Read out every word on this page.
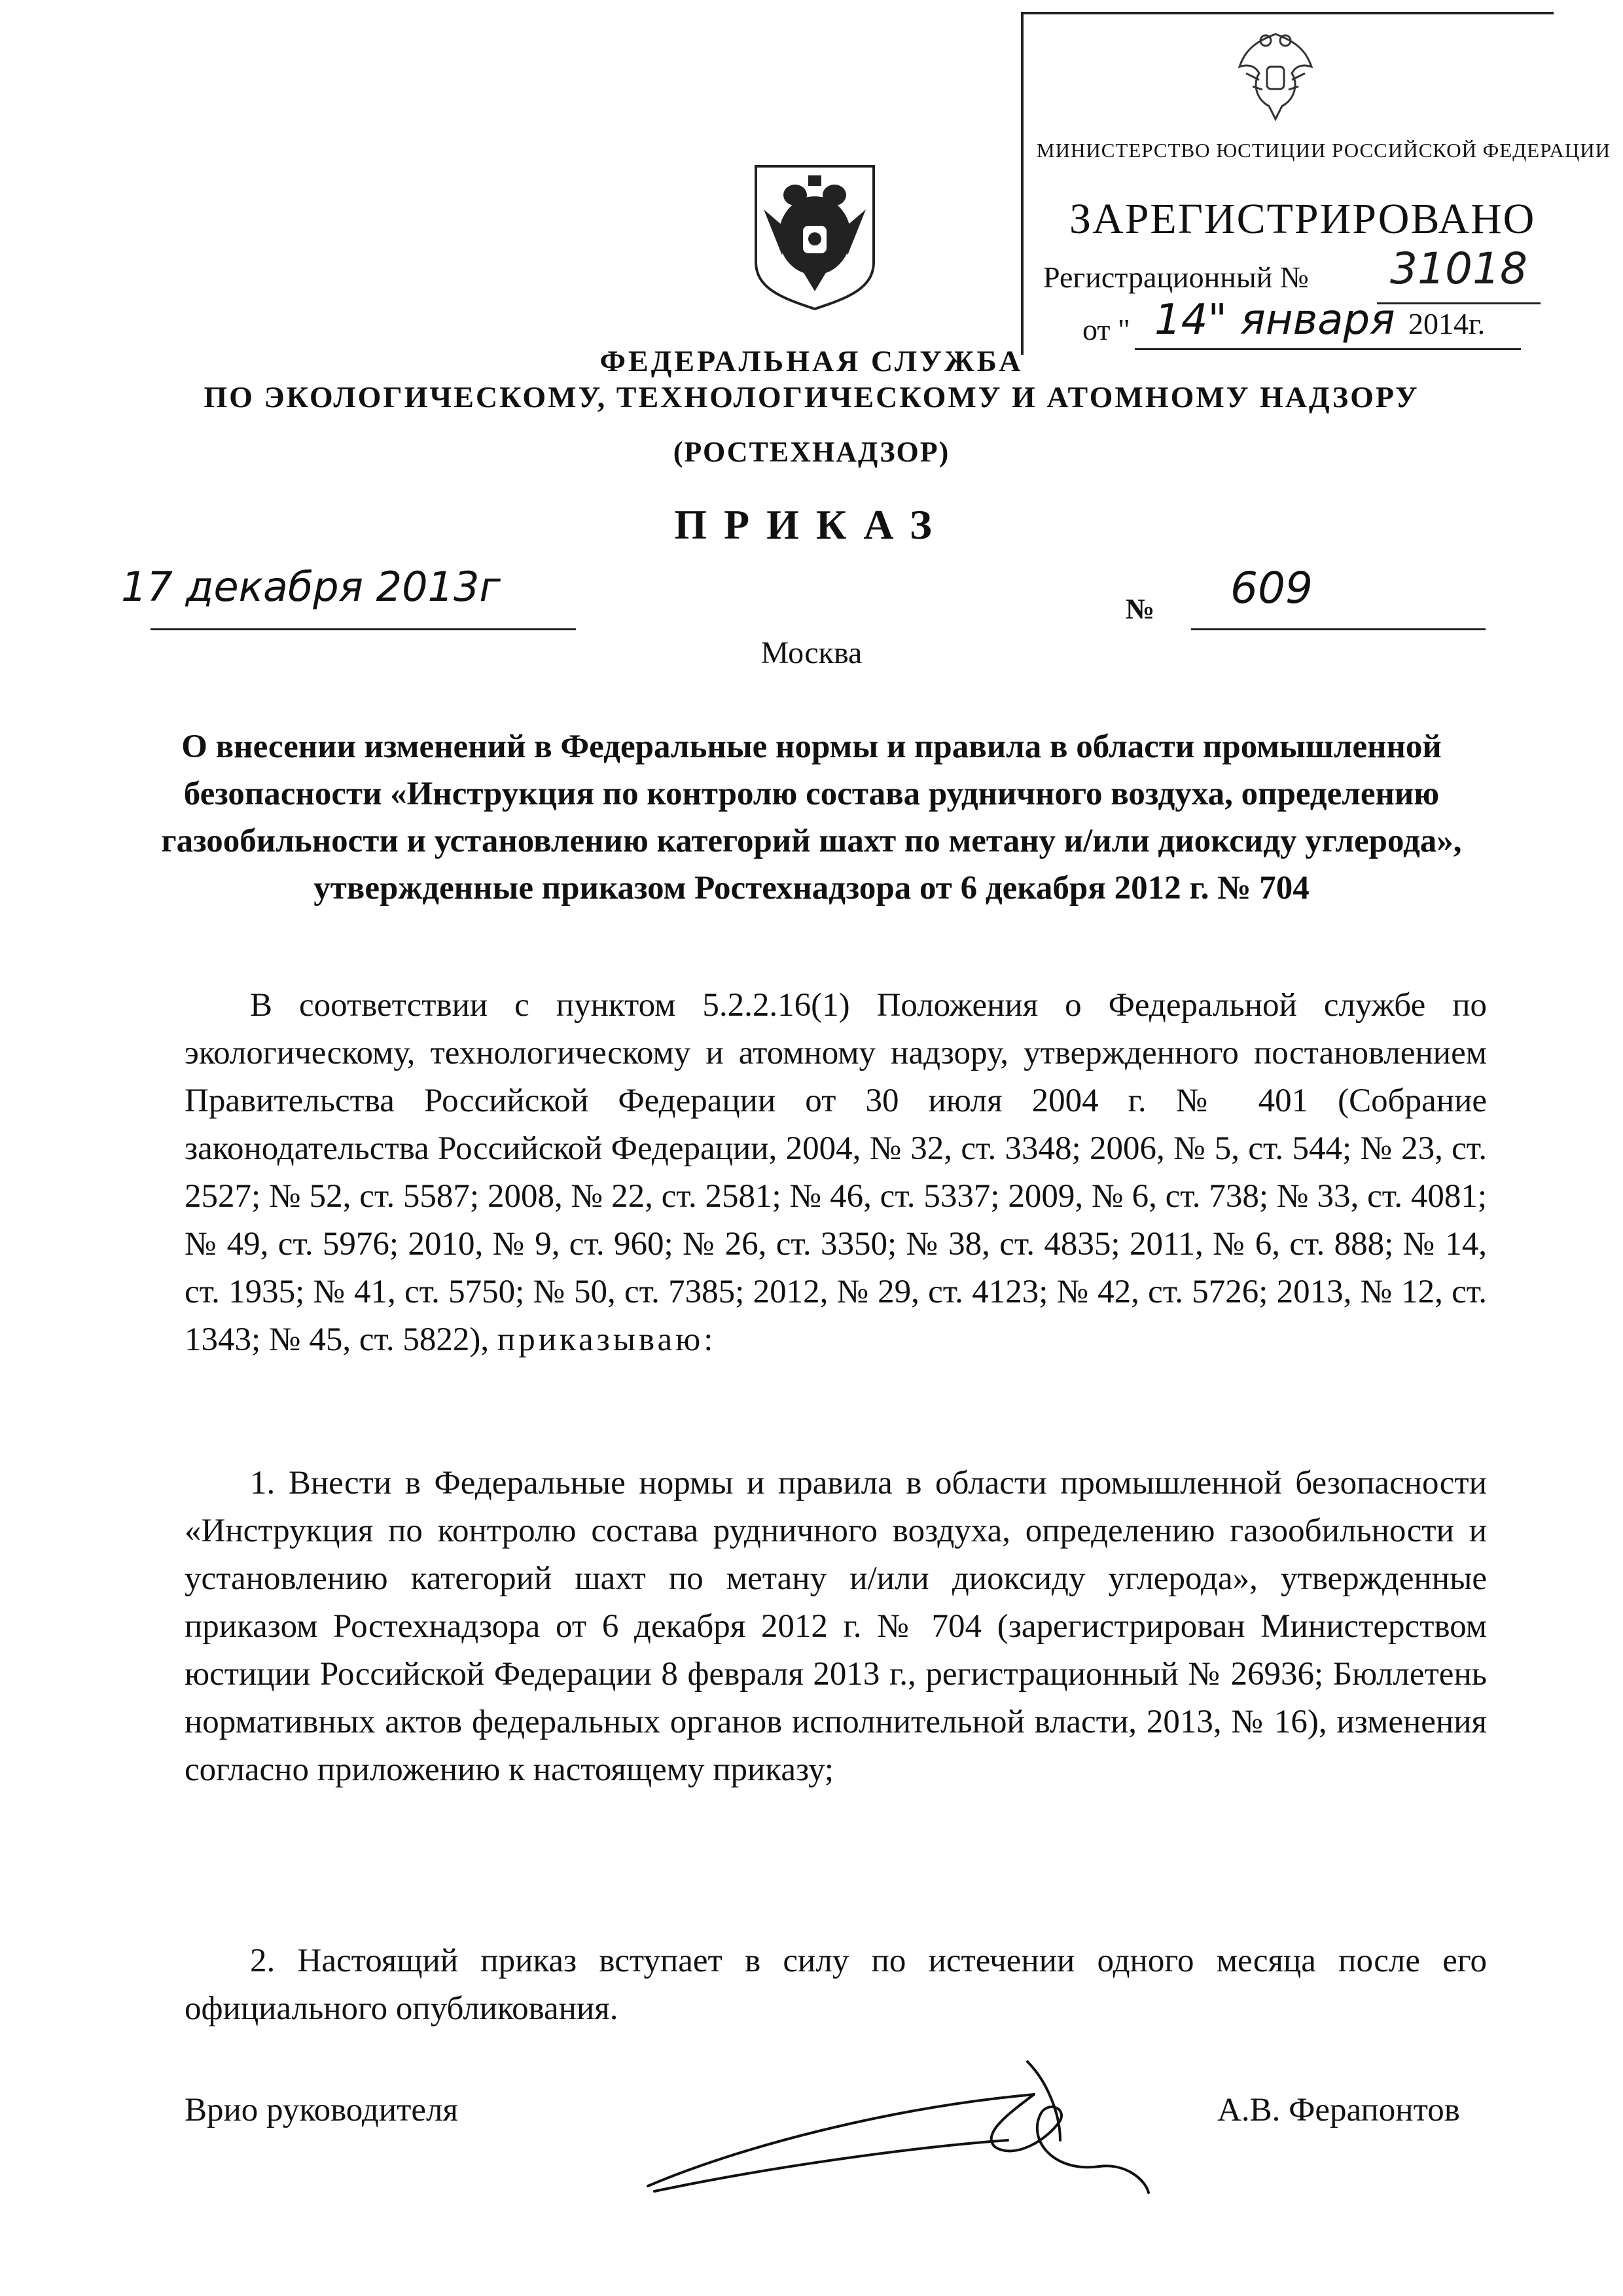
МИНИСТЕРСТВО ЮСТИЦИИ РОССИЙСКОЙ ФЕДЕРАЦИИ
ЗАРЕГИСТРИРОВАНО
Регистрационный № 31018
от " 14" января 2014г.
ФЕДЕРАЛЬНАЯ СЛУЖБА
ПО ЭКОЛОГИЧЕСКОМУ, ТЕХНОЛОГИЧЕСКОМУ И АТОМНОМУ НАДЗОРУ
(РОСТЕХНАДЗОР)
ПРИКАЗ
17 декабря 2013г	№ 609
Москва
О внесении изменений в Федеральные нормы и правила в области промышленной безопасности «Инструкция по контролю состава рудничного воздуха, определению газообильности и установлению категорий шахт по метану и/или диоксиду углерода», утвержденные приказом Ростехнадзора от 6 декабря 2012 г. № 704
В соответствии с пунктом 5.2.2.16(1) Положения о Федеральной службе по экологическому, технологическому и атомному надзору, утвержденного постановлением Правительства Российской Федерации от 30 июля 2004 г. № 401 (Собрание законодательства Российской Федерации, 2004, № 32, ст. 3348; 2006, № 5, ст. 544; № 23, ст. 2527; № 52, ст. 5587; 2008, № 22, ст. 2581; № 46, ст. 5337; 2009, № 6, ст. 738; № 33, ст. 4081; № 49, ст. 5976; 2010, № 9, ст. 960; № 26, ст. 3350; № 38, ст. 4835; 2011, № 6, ст. 888; № 14, ст. 1935; № 41, ст. 5750; № 50, ст. 7385; 2012, № 29, ст. 4123; № 42, ст. 5726; 2013, № 12, ст. 1343; № 45, ст. 5822), приказываю:
1. Внести в Федеральные нормы и правила в области промышленной безопасности «Инструкция по контролю состава рудничного воздуха, определению газообильности и установлению категорий шахт по метану и/или диоксиду углерода», утвержденные приказом Ростехнадзора от 6 декабря 2012 г. № 704 (зарегистрирован Министерством юстиции Российской Федерации 8 февраля 2013 г., регистрационный № 26936; Бюллетень нормативных актов федеральных органов исполнительной власти, 2013, № 16), изменения согласно приложению к настоящему приказу;
2. Настоящий приказ вступает в силу по истечении одного месяца после его официального опубликования.
Врио руководителя	А.В. Ферапонтов
